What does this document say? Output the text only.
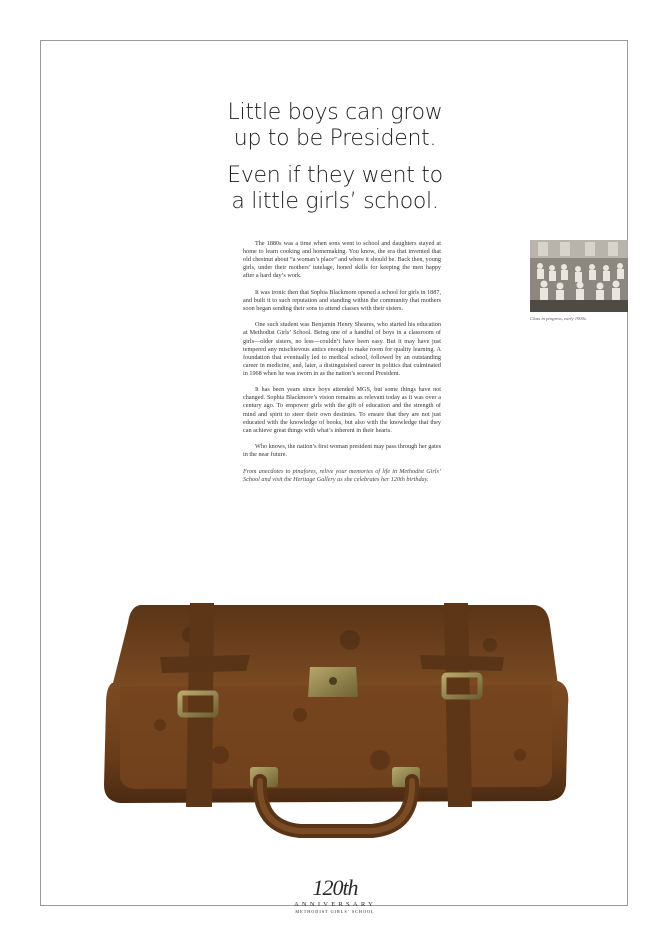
Little boys can grow
up to be President.
Even if they went to
a little girls’ school.

The 1880s was a time when sons went to school and daughters stayed at home to learn cooking and homemaking. You know, the era that invented that old chestnut about “a woman’s place” and where it should be. Back then, young girls, under their mothers’ tutelage, honed skills for keeping the men happy after a hard day’s work.

It was ironic then that Sophia Blackmore opened a school for girls in 1887, and built it to such reputation and standing within the community that mothers soon began sending their sons to attend classes with their sisters.

One such student was Benjamin Henry Sheares, who started his education at Methodist Girls’ School. Being one of a handful of boys in a classroom of girls—older sisters, no less—couldn’t have been easy. But it may have just tempered any mischievous antics enough to make room for quality learning. A foundation that eventually led to medical school, followed by an outstanding career in medicine, and, later, a distinguished career in politics that culminated in 1968 when he was sworn in as the nation’s second President.

It has been years since boys attended MGS, but some things have not changed. Sophia Blackmore’s vision remains as relevant today as it was over a century ago. To empower girls with the gift of education and the strength of mind and spirit to steer their own destinies. To ensure that they are not just educated with the knowledge of books, but also with the knowledge that they can achieve great things with what’s inherent in their hearts.

Who knows, the nation’s first woman president may pass through her gates in the near future.

From anecdotes to pinafores, relive your memories of life in Methodist Girls’ School and visit the Heritage Gallery as she celebrates her 120th birthday.

Class in progress, early 1900s.
120th
ANNIVERSARY
METHODIST GIRLS’ SCHOOL
